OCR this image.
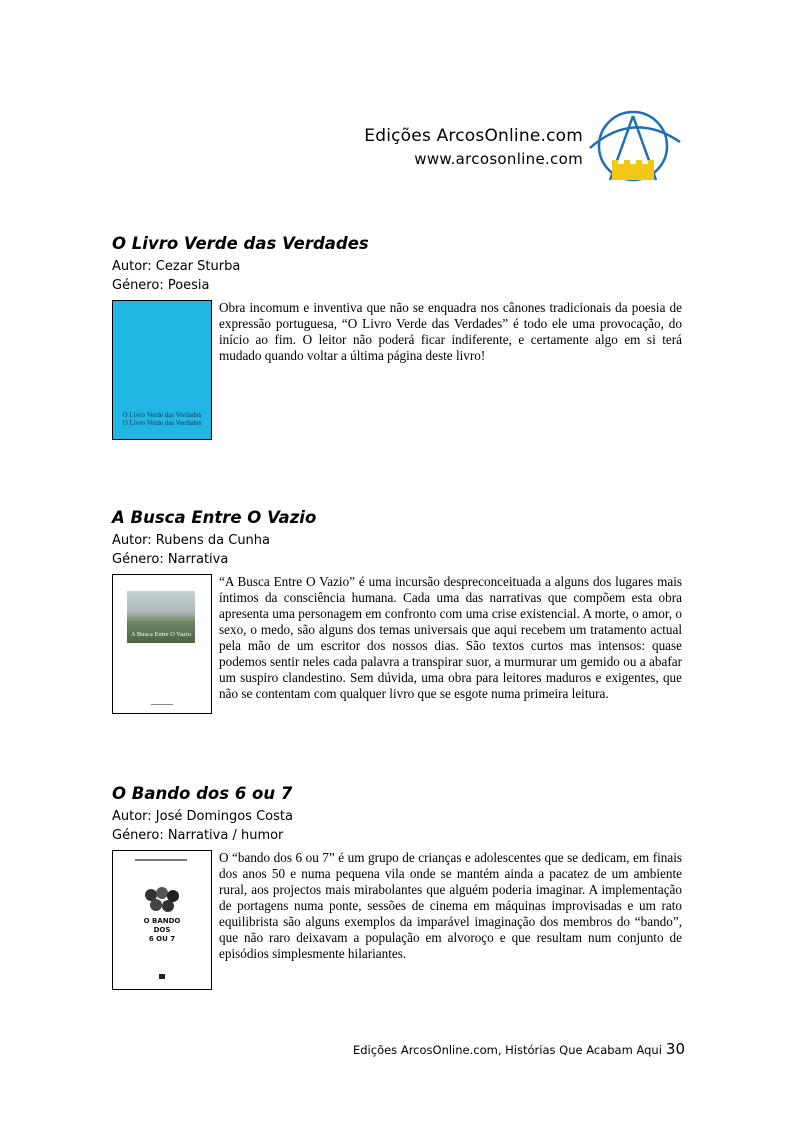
Edições ArcosOnline.com
www.arcosonline.com
O Livro Verde das Verdades
Autor: Cezar Sturba
Género: Poesia
O Livro Verde das Verdades
O Livro Verde das Verdades
Obra incomum e inventiva que não se enquadra nos cânones tradicionais da poesia de expressão portuguesa, “O Livro Verde das Verdades” é todo ele uma provocação, do início ao fim. O leitor não poderá ficar indiferente, e certamente algo em si terá mudado quando voltar a última página deste livro!
A Busca Entre O Vazio
Autor: Rubens da Cunha
Género: Narrativa
A Busca Entre O Vazio
“A Busca Entre O Vazio” é uma incursão despreconceituada a alguns dos lugares mais íntimos da consciência humana. Cada uma das narrativas que compõem esta obra apresenta uma personagem em confronto com uma crise existencial. A morte, o amor, o sexo, o medo, são alguns dos temas universais que aqui recebem um tratamento actual pela mão de um escritor dos nossos dias. São textos curtos mas intensos: quase podemos sentir neles cada palavra a transpirar suor, a murmurar um gemido ou a abafar um suspiro clandestino. Sem dúvida, uma obra para leitores maduros e exigentes, que não se contentam com qualquer livro que se esgote numa primeira leitura.
O Bando dos 6 ou 7
Autor: José Domingos Costa
Género: Narrativa / humor
O BANDO
DOS
6 OU 7
O “bando dos 6 ou 7” é um grupo de crianças e adolescentes que se dedicam, em finais dos anos 50 e numa pequena vila onde se mantém ainda a pacatez de um ambiente rural, aos projectos mais mirabolantes que alguém poderia imaginar. A implementação de portagens numa ponte, sessões de cinema em máquinas improvisadas e um rato equilibrista são alguns exemplos da imparável imaginação dos membros do “bando”, que não raro deixavam a população em alvoroço e que resultam num conjunto de episódios simplesmente hilariantes.
Edições ArcosOnline.com, Histórias Que Acabam Aqui 30
